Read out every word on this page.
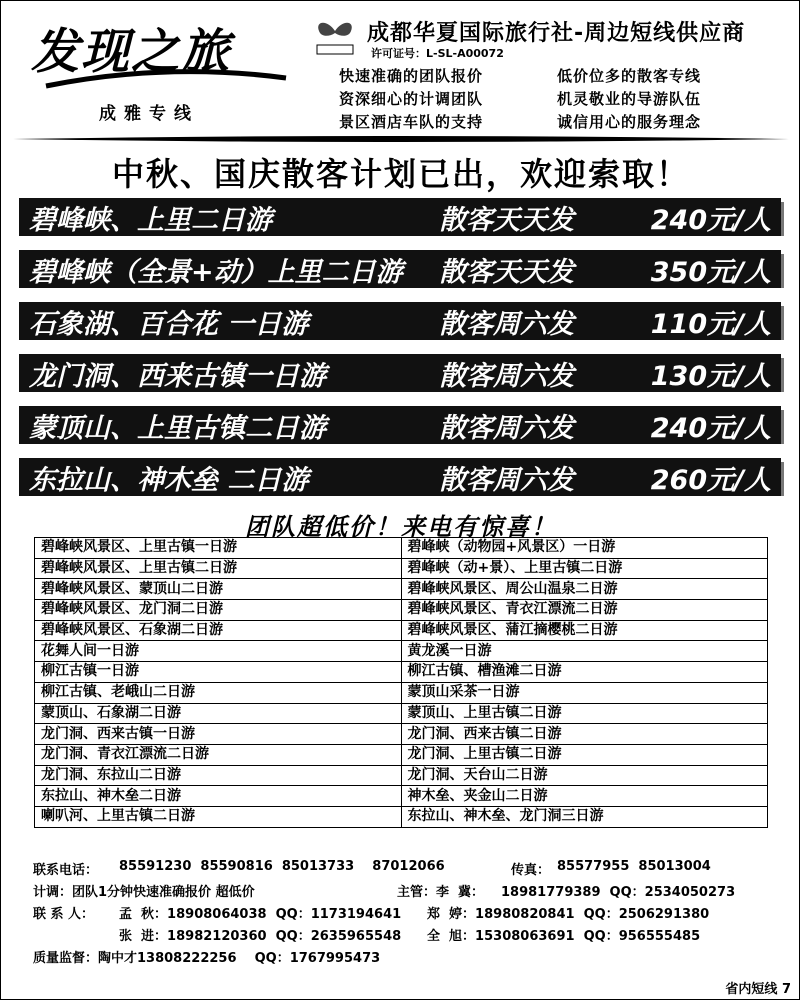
发现之旅
成雅专线
成都华夏国际旅行社-周边短线供应商
许可证号：L-SL-A00072
快速准确的团队报价	低价位多的散客专线
资深细心的计调团队	机灵敬业的导游队伍
景区酒店车队的支持	诚信用心的服务理念
中秋、国庆散客计划已出，欢迎索取！
碧峰峡、上里二日游	散客天天发	240元/人
碧峰峡（全景+动）上里二日游	散客天天发	350元/人
石象湖、百合花 一日游	散客周六发	110元/人
龙门洞、西来古镇一日游	散客周六发	130元/人
蒙顶山、上里古镇二日游	散客周六发	240元/人
东拉山、神木垒 二日游	散客周六发	260元/人
团队超低价！来电有惊喜！
碧峰峡风景区、上里古镇一日游	碧峰峡（动物园+风景区）一日游
碧峰峡风景区、上里古镇二日游	碧峰峡（动+景）、上里古镇二日游
碧峰峡风景区、蒙顶山二日游	碧峰峡风景区、周公山温泉二日游
碧峰峡风景区、龙门洞二日游	碧峰峡风景区、青衣江漂流二日游
碧峰峡风景区、石象湖二日游	碧峰峡风景区、蒲江摘樱桃二日游
花舞人间一日游	黄龙溪一日游
柳江古镇一日游	柳江古镇、槽渔滩二日游
柳江古镇、老峨山二日游	蒙顶山采茶一日游
蒙顶山、石象湖二日游	蒙顶山、上里古镇二日游
龙门洞、西来古镇一日游	龙门洞、西来古镇二日游
龙门洞、青衣江漂流二日游	龙门洞、上里古镇二日游
龙门洞、东拉山二日游	龙门洞、天台山二日游
东拉山、神木垒二日游	神木垒、夹金山二日游
喇叭河、上里古镇二日游	东拉山、神木垒、龙门洞三日游
联系电话： 85591230  85590816  85013733    87012066	传真： 85577955  85013004
计调：团队1分钟快速准确报价 超低价	主管：李  冀： 18981779389  QQ：2534050273
联 系 人： 孟  秋：18908064038  QQ：1173194641 郑  婷：18980820841  QQ：2506291380
张  进：18982120360  QQ：2635965548 全  旭：15308063691  QQ：956555485
质量监督：陶中才13808222256    QQ：1767995473
省内短线 7
